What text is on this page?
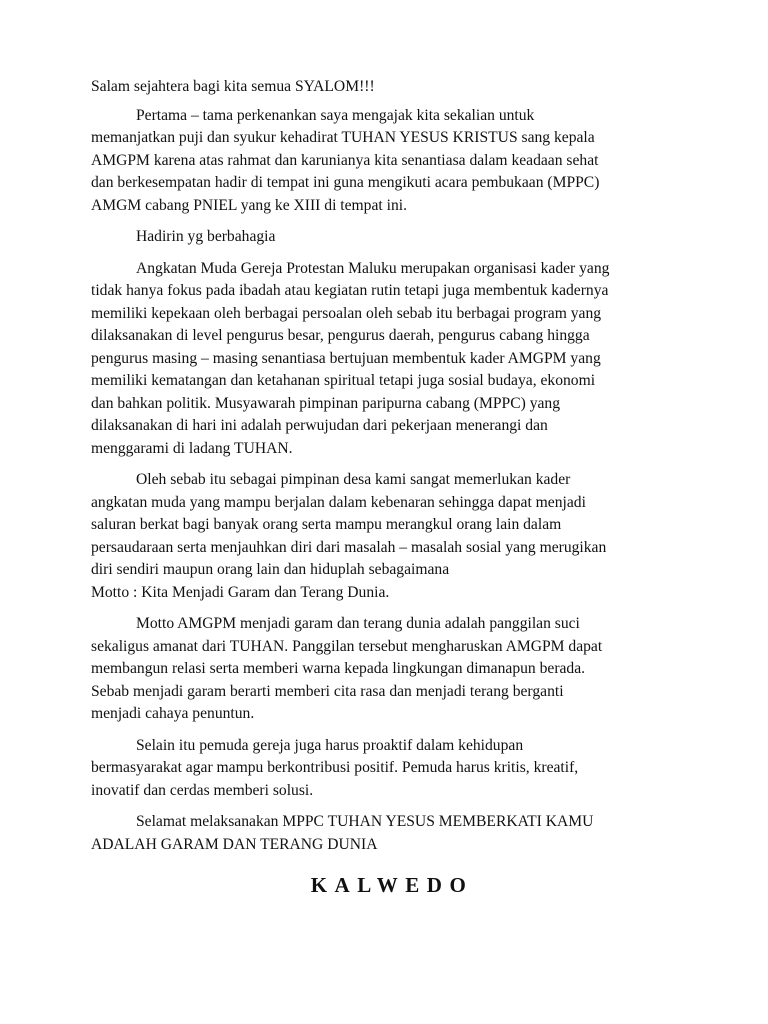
Salam sejahtera bagi kita semua SYALOM!!!
Pertama – tama perkenankan saya mengajak kita sekalian untuk
memanjatkan puji dan syukur kehadirat TUHAN YESUS KRISTUS sang kepala
AMGPM karena atas rahmat dan karunianya kita senantiasa dalam keadaan sehat
dan berkesempatan hadir di tempat ini guna mengikuti acara pembukaan (MPPC)
AMGM cabang PNIEL yang ke XIII di tempat ini.
Hadirin yg berbahagia
Angkatan Muda Gereja Protestan Maluku merupakan organisasi kader yang
tidak hanya fokus pada ibadah atau kegiatan rutin tetapi juga membentuk kadernya
memiliki kepekaan oleh berbagai persoalan oleh sebab itu berbagai program yang
dilaksanakan di level pengurus besar, pengurus daerah, pengurus cabang hingga
pengurus masing – masing senantiasa bertujuan membentuk kader AMGPM yang
memiliki kematangan dan ketahanan spiritual tetapi juga sosial budaya, ekonomi
dan bahkan politik. Musyawarah pimpinan paripurna cabang (MPPC) yang
dilaksanakan di hari ini adalah perwujudan dari pekerjaan menerangi dan
menggarami di ladang TUHAN.
Oleh sebab itu sebagai pimpinan desa kami sangat memerlukan kader
angkatan muda yang mampu berjalan dalam kebenaran sehingga dapat menjadi
saluran berkat bagi banyak orang serta mampu merangkul orang lain dalam
persaudaraan serta menjauhkan diri dari masalah – masalah sosial yang merugikan
diri sendiri maupun orang lain dan hiduplah sebagaimana
Motto : Kita Menjadi Garam dan Terang Dunia.
Motto AMGPM menjadi garam dan terang dunia adalah panggilan suci
sekaligus amanat dari TUHAN. Panggilan tersebut mengharuskan AMGPM dapat
membangun relasi serta memberi warna kepada lingkungan dimanapun berada.
Sebab menjadi garam berarti memberi cita rasa dan menjadi terang berganti
menjadi cahaya penuntun.
Selain itu pemuda gereja juga harus proaktif dalam kehidupan
bermasyarakat agar mampu berkontribusi positif. Pemuda harus kritis, kreatif,
inovatif dan cerdas memberi solusi.
Selamat melaksanakan MPPC TUHAN YESUS MEMBERKATI KAMU
ADALAH GARAM DAN TERANG DUNIA
KALWEDO
